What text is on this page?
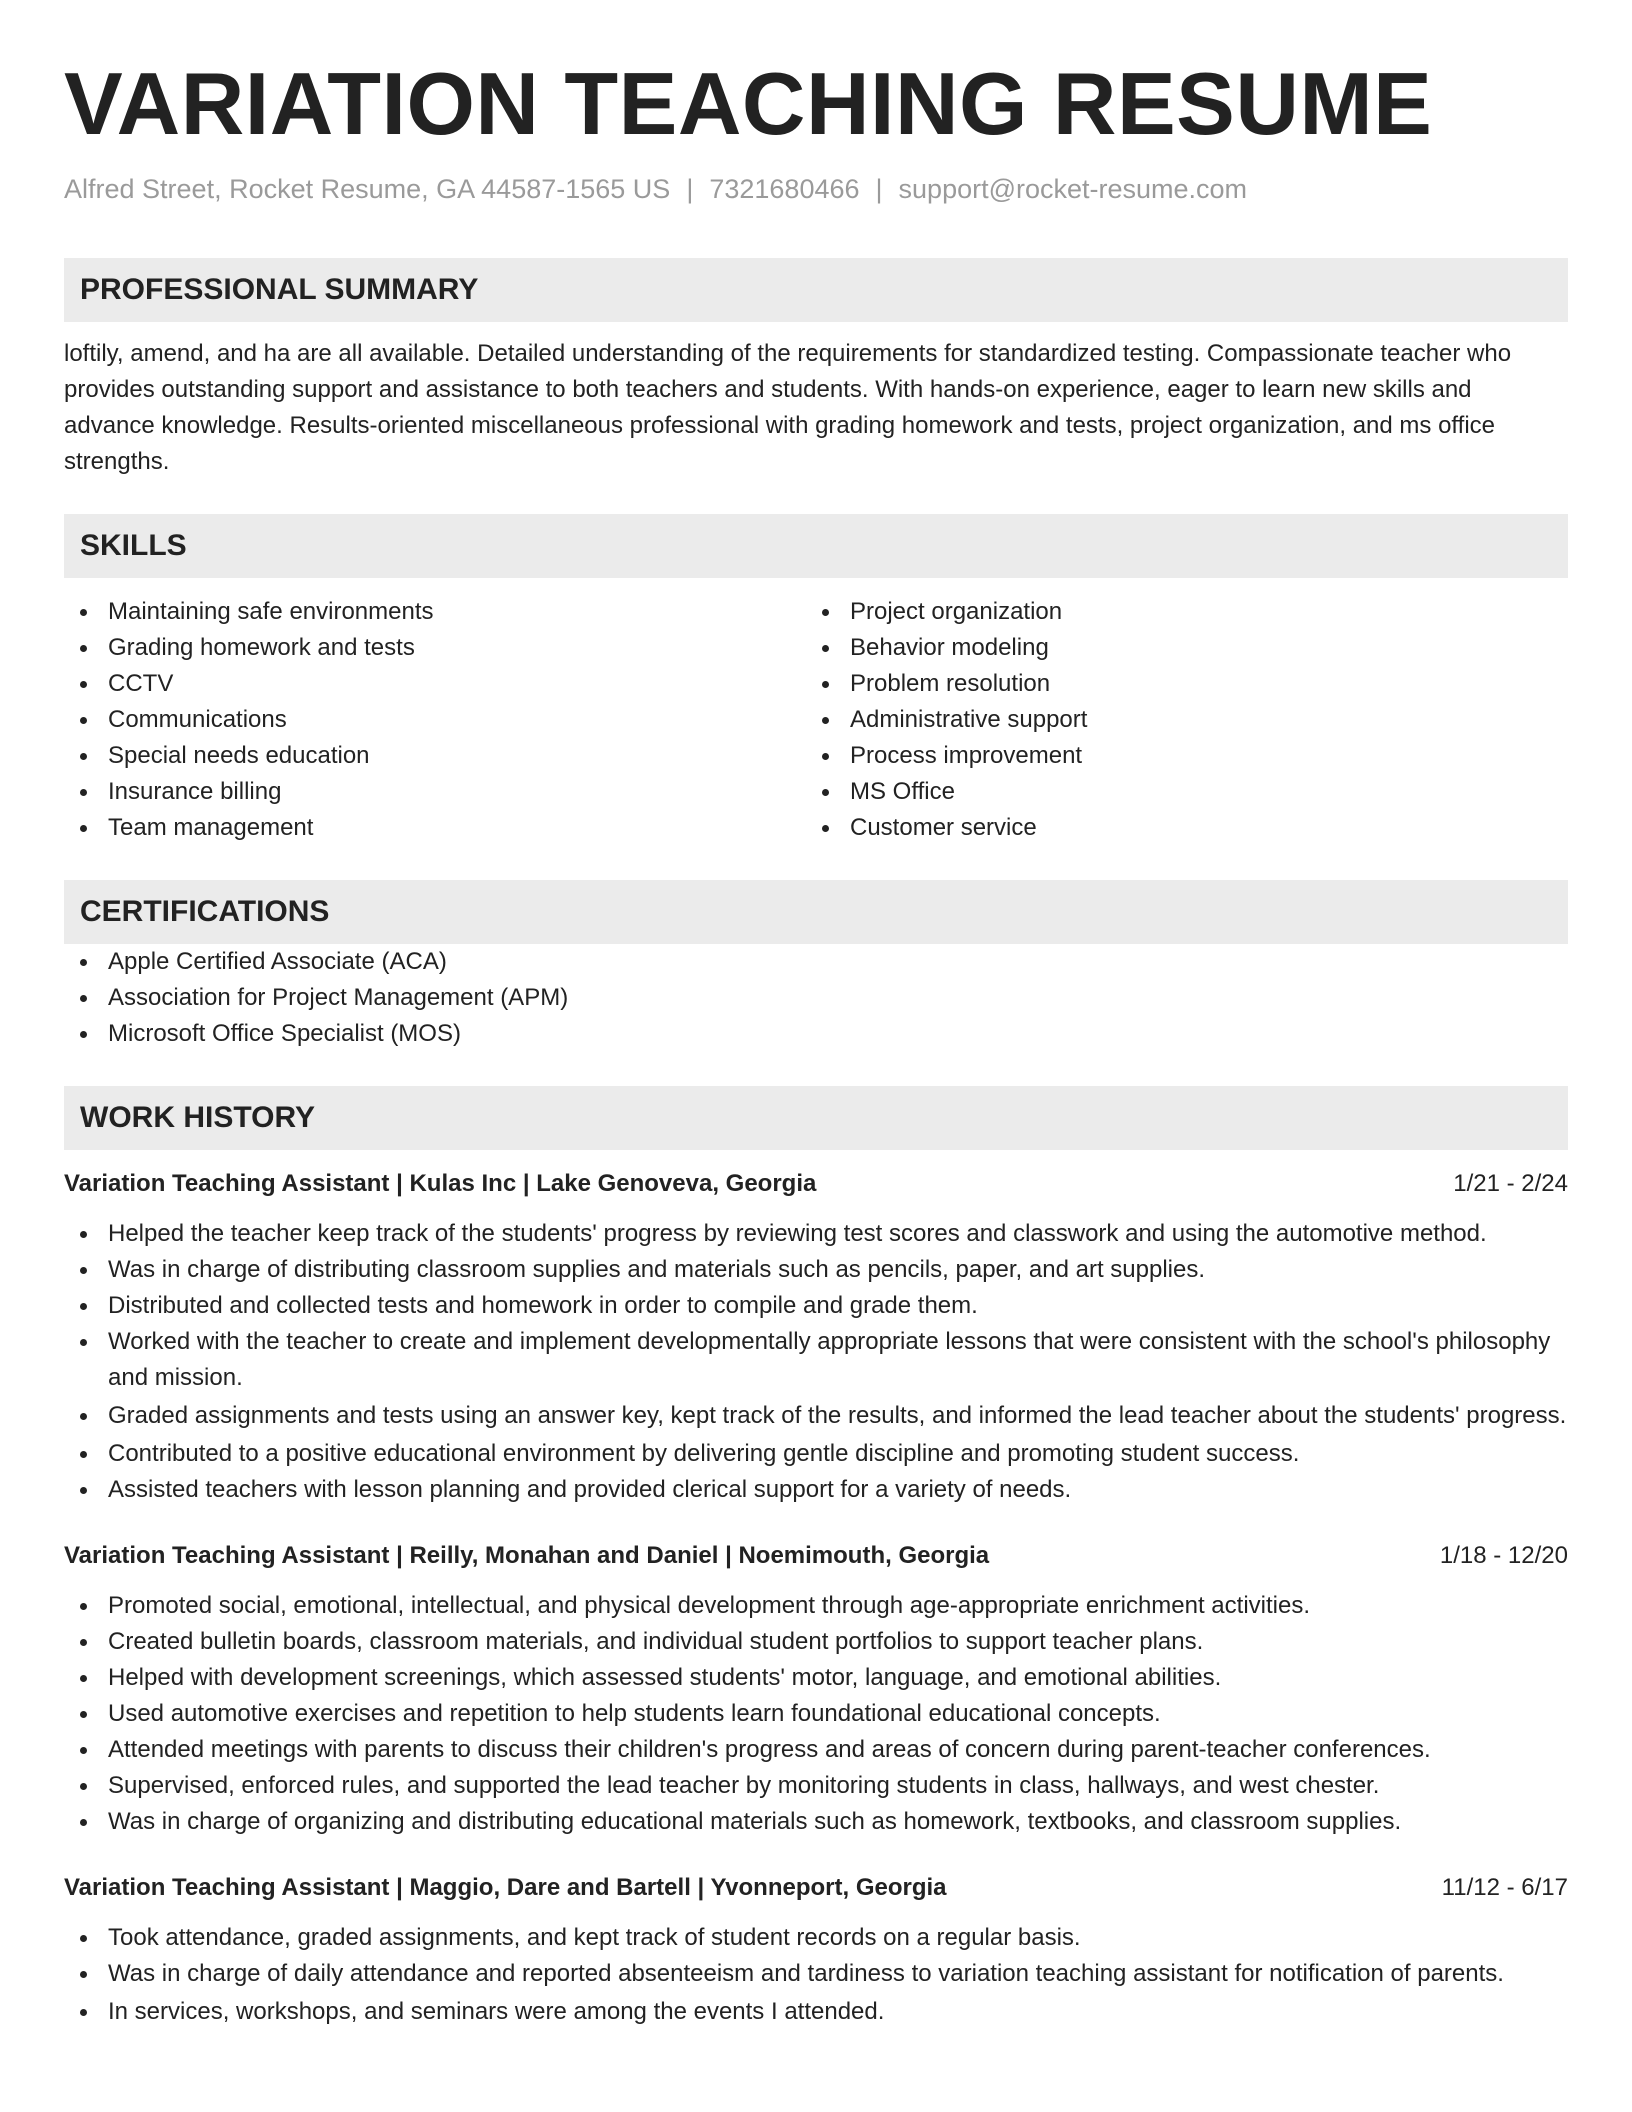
VARIATION TEACHING RESUME
Alfred Street, Rocket Resume, GA 44587-1565 US | 7321680466 | support@rocket-resume.com
PROFESSIONAL SUMMARY
loftily, amend, and ha are all available. Detailed understanding of the requirements for standardized testing. Compassionate teacher who provides outstanding support and assistance to both teachers and students. With hands-on experience, eager to learn new skills and advance knowledge. Results-oriented miscellaneous professional with grading homework and tests, project organization, and ms office strengths.
SKILLS
Maintaining safe environments
Grading homework and tests
CCTV
Communications
Special needs education
Insurance billing
Team management
Project organization
Behavior modeling
Problem resolution
Administrative support
Process improvement
MS Office
Customer service
CERTIFICATIONS
Apple Certified Associate (ACA)
Association for Project Management (APM)
Microsoft Office Specialist (MOS)
WORK HISTORY
Variation Teaching Assistant | Kulas Inc | Lake Genoveva, Georgia	1/21 - 2/24
Helped the teacher keep track of the students' progress by reviewing test scores and classwork and using the automotive method.
Was in charge of distributing classroom supplies and materials such as pencils, paper, and art supplies.
Distributed and collected tests and homework in order to compile and grade them.
Worked with the teacher to create and implement developmentally appropriate lessons that were consistent with the school's philosophy and mission.
Graded assignments and tests using an answer key, kept track of the results, and informed the lead teacher about the students' progress.
Contributed to a positive educational environment by delivering gentle discipline and promoting student success.
Assisted teachers with lesson planning and provided clerical support for a variety of needs.
Variation Teaching Assistant | Reilly, Monahan and Daniel | Noemimouth, Georgia	1/18 - 12/20
Promoted social, emotional, intellectual, and physical development through age-appropriate enrichment activities.
Created bulletin boards, classroom materials, and individual student portfolios to support teacher plans.
Helped with development screenings, which assessed students' motor, language, and emotional abilities.
Used automotive exercises and repetition to help students learn foundational educational concepts.
Attended meetings with parents to discuss their children's progress and areas of concern during parent-teacher conferences.
Supervised, enforced rules, and supported the lead teacher by monitoring students in class, hallways, and west chester.
Was in charge of organizing and distributing educational materials such as homework, textbooks, and classroom supplies.
Variation Teaching Assistant | Maggio, Dare and Bartell | Yvonneport, Georgia	11/12 - 6/17
Took attendance, graded assignments, and kept track of student records on a regular basis.
Was in charge of daily attendance and reported absenteeism and tardiness to variation teaching assistant for notification of parents.
In services, workshops, and seminars were among the events I attended.
